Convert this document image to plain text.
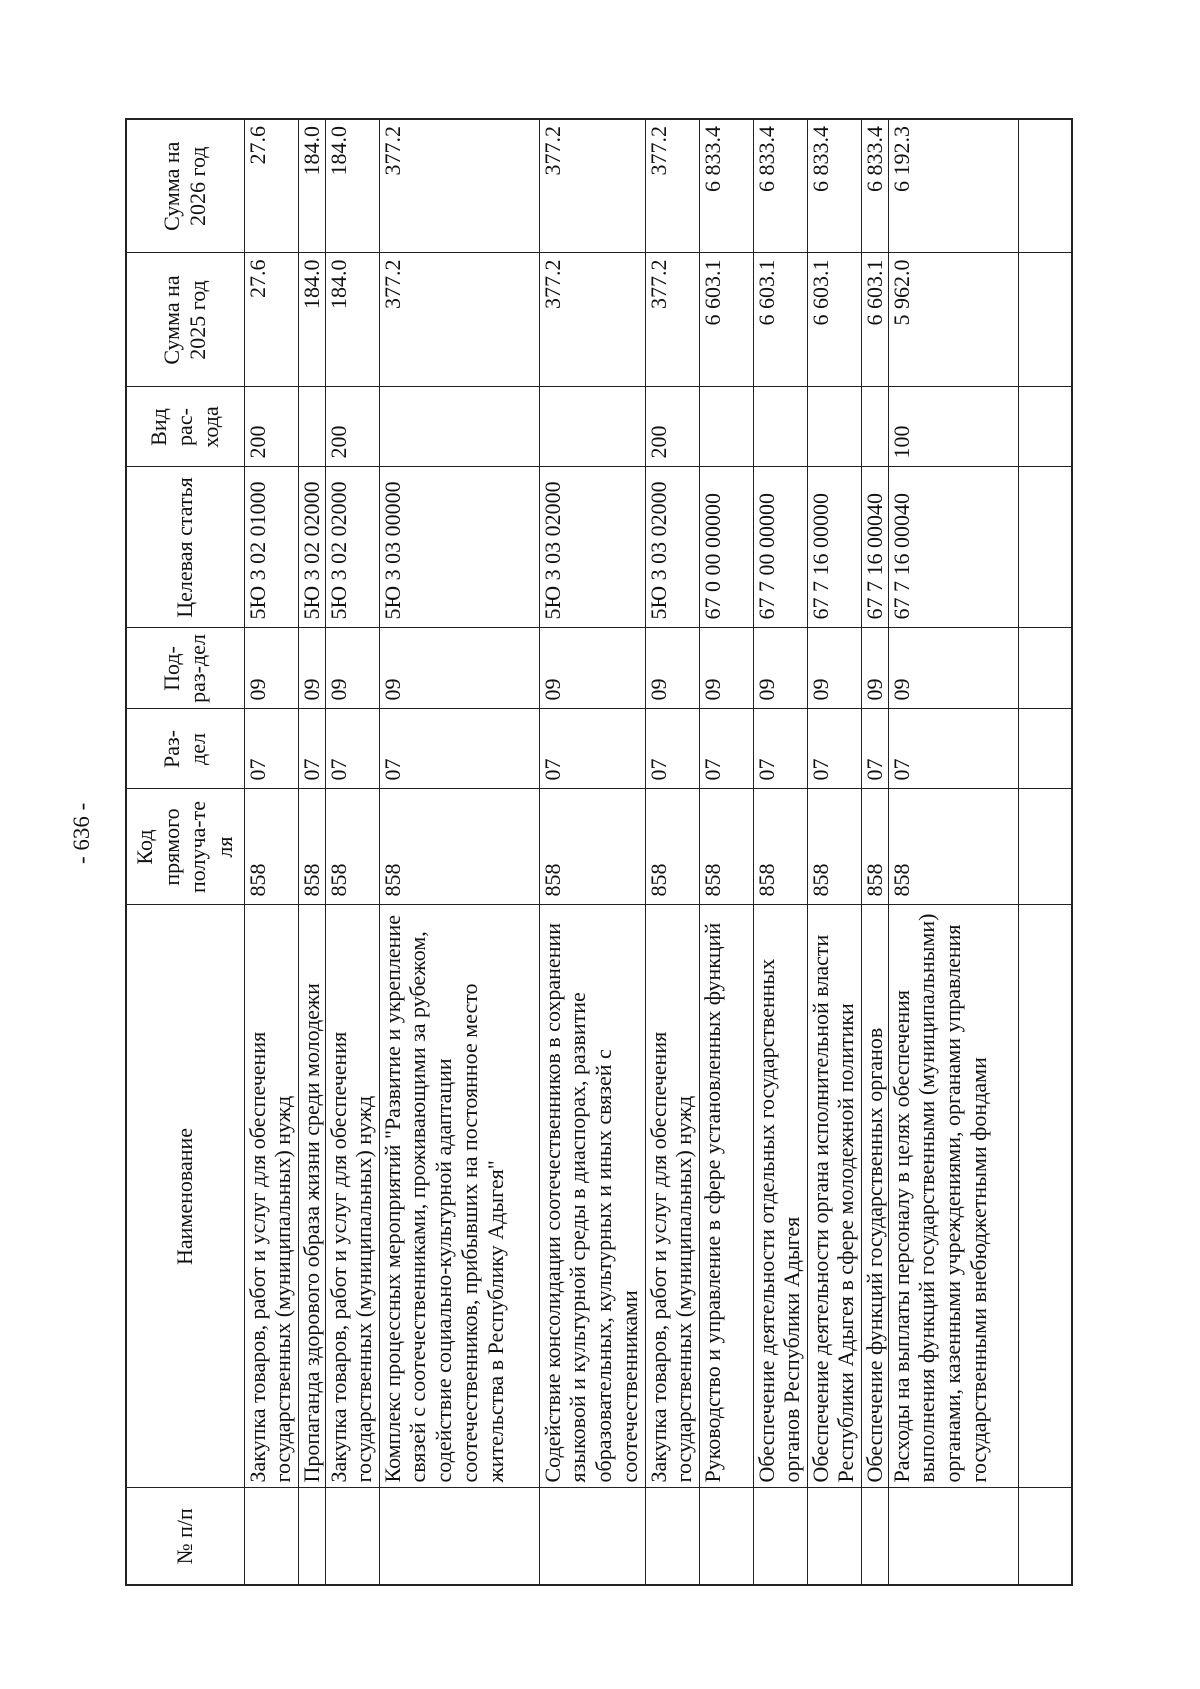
- 636 -
№ п/п	Наименование	Код прямого получа-те ля	Раз-дел	Под-раз-дел	Целевая статья	Вид рас-хода	Сумма на 2025 год	Сумма на 2026 год
	Закупка товаров, работ и услуг для обеспечения государственных (муниципальных) нужд	858	07	09	5Ю 3 02 01000	200	27.6	27.6
	Пропаганда здорового образа жизни среди молодежи	858	07	09	5Ю 3 02 02000		184.0	184.0
	Закупка товаров, работ и услуг для обеспечения государственных (муниципальных) нужд	858	07	09	5Ю 3 02 02000	200	184.0	184.0
	Комплекс процессных мероприятий "Развитие и укрепление связей с соотечественниками, проживающими за рубежом, содействие социально-культурной адаптации соотечественников, прибывших на постоянное место жительства в Республику Адыгея"	858	07	09	5Ю 3 03 00000		377.2	377.2
	Содействие консолидации соотечественников в сохранении языковой и культурной среды в диаспорах, развитие образовательных, культурных и иных связей с соотечественниками	858	07	09	5Ю 3 03 02000		377.2	377.2
	Закупка товаров, работ и услуг для обеспечения государственных (муниципальных) нужд	858	07	09	5Ю 3 03 02000	200	377.2	377.2
	Руководство и управление в сфере установленных функций	858	07	09	67 0 00 00000		6 603.1	6 833.4
	Обеспечение деятельности отдельных государственных органов Республики Адыгея	858	07	09	67 7 00 00000		6 603.1	6 833.4
	Обеспечение деятельности органа исполнительной власти Республики Адыгея в сфере молодежной политики	858	07	09	67 7 16 00000		6 603.1	6 833.4
	Обеспечение функций государственных органов	858	07	09	67 7 16 00040		6 603.1	6 833.4
	Расходы на выплаты персоналу в целях обеспечения выполнения функций государственными (муниципальными) органами, казенными учреждениями, органами управления государственными внебюджетными фондами	858	07	09	67 7 16 00040	100	5 962.0	6 192.3
